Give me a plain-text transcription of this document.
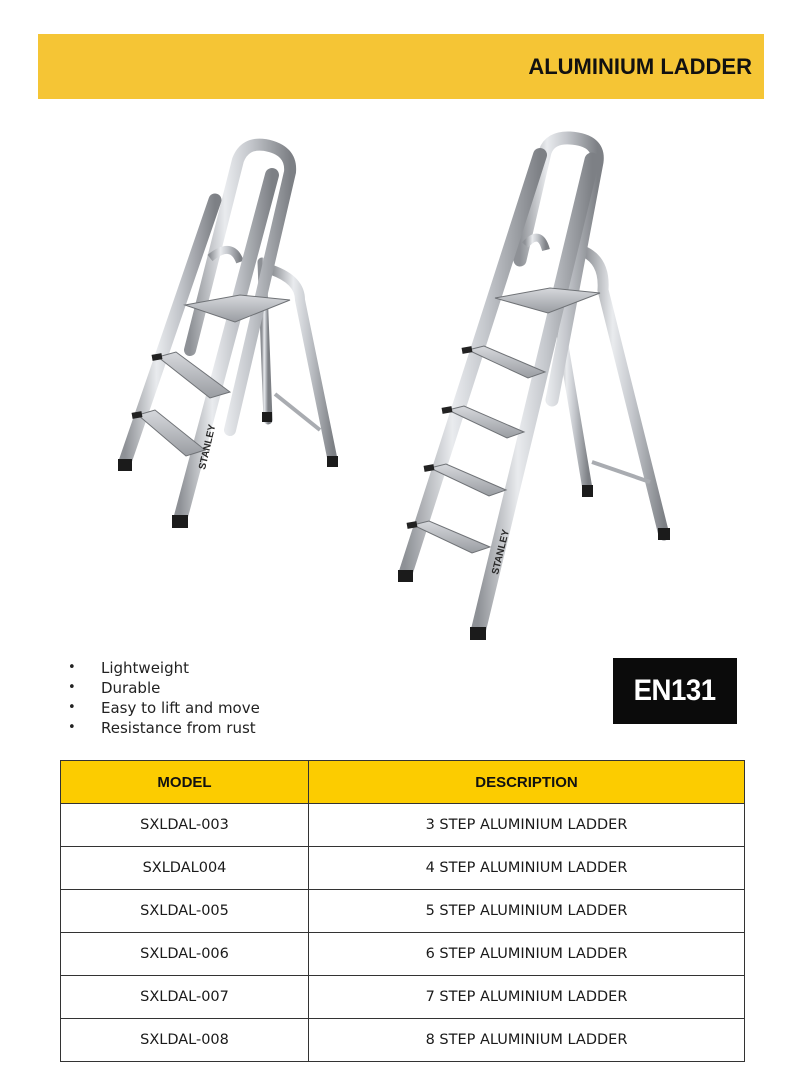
ALUMINIUM LADDER
STANLEY
STANLEY
•	Lightweight
•	Durable
•	Easy to lift and move
•	Resistance from rust
EN131
MODEL	DESCRIPTION
SXLDAL-003	3 STEP ALUMINIUM LADDER
SXLDAL004	4 STEP ALUMINIUM LADDER
SXLDAL-005	5 STEP ALUMINIUM LADDER
SXLDAL-006	6 STEP ALUMINIUM LADDER
SXLDAL-007	7 STEP ALUMINIUM LADDER
SXLDAL-008	8 STEP ALUMINIUM LADDER
